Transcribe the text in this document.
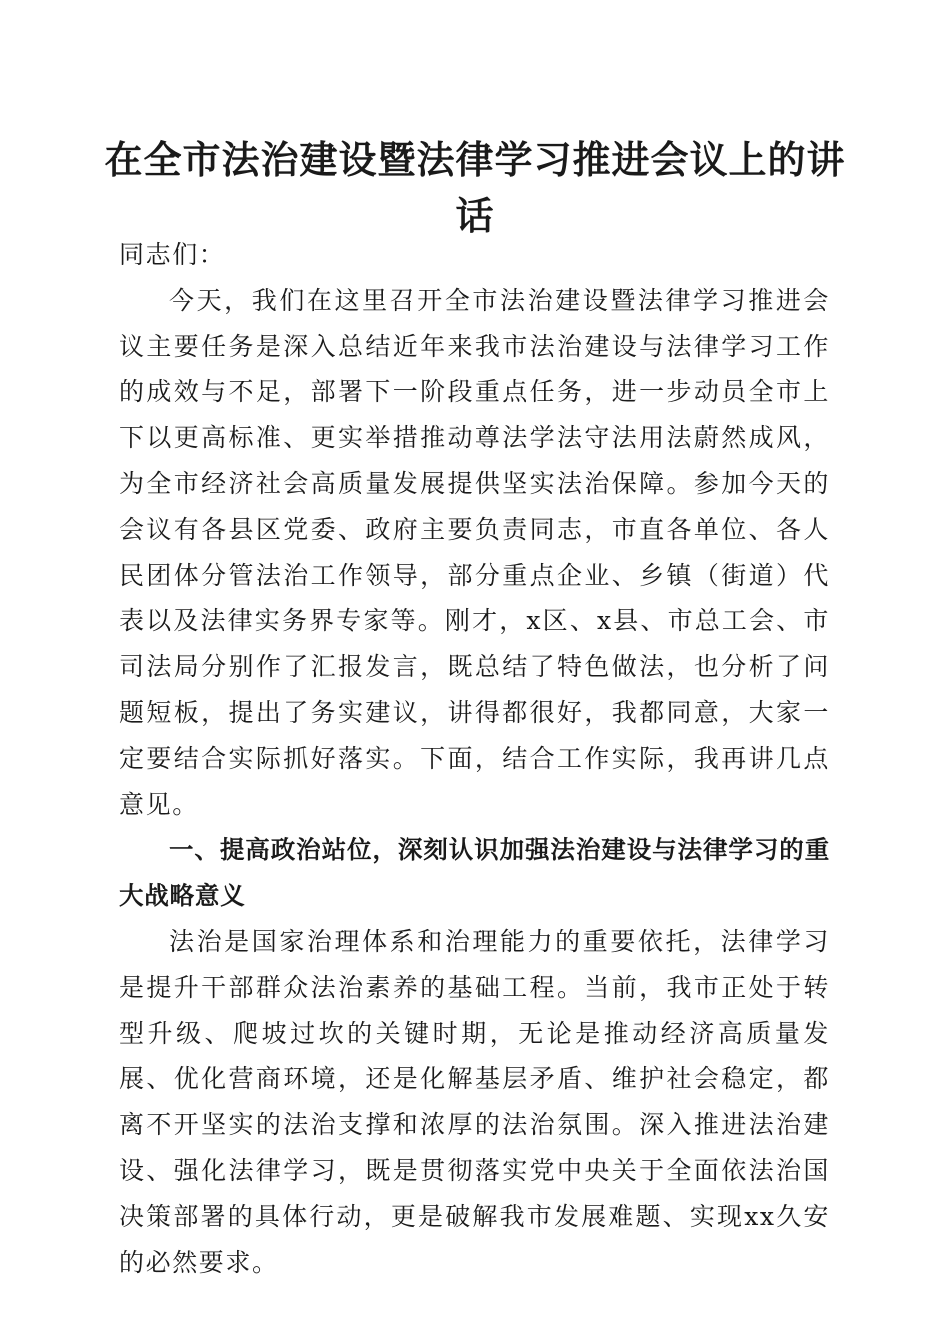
在全市法治建设暨法律学习推进会议上的讲话

同志们：

今天，我们在这里召开全市法治建设暨法律学习推进会议主要任务是深入总结近年来我市法治建设与法律学习工作的成效与不足，部署下一阶段重点任务，进一步动员全市上下以更高标准、更实举措推动尊法学法守法用法蔚然成风，为全市经济社会高质量发展提供坚实法治保障。参加今天的会议有各县区党委、政府主要负责同志，市直各单位、各人民团体分管法治工作领导，部分重点企业、乡镇（街道）代表以及法律实务界专家等。刚才，x区、x县、市总工会、市司法局分别作了汇报发言，既总结了特色做法，也分析了问题短板，提出了务实建议，讲得都很好，我都同意，大家一定要结合实际抓好落实。下面，结合工作实际，我再讲几点意见。

一、提高政治站位，深刻认识加强法治建设与法律学习的重大战略意义

法治是国家治理体系和治理能力的重要依托，法律学习是提升干部群众法治素养的基础工程。当前，我市正处于转型升级、爬坡过坎的关键时期，无论是推动经济高质量发展、优化营商环境，还是化解基层矛盾、维护社会稳定，都离不开坚实的法治支撑和浓厚的法治氛围。深入推进法治建设、强化法律学习，既是贯彻落实党中央关于全面依法治国决策部署的具体行动，更是破解我市发展难题、实现xx久安的必然要求。
